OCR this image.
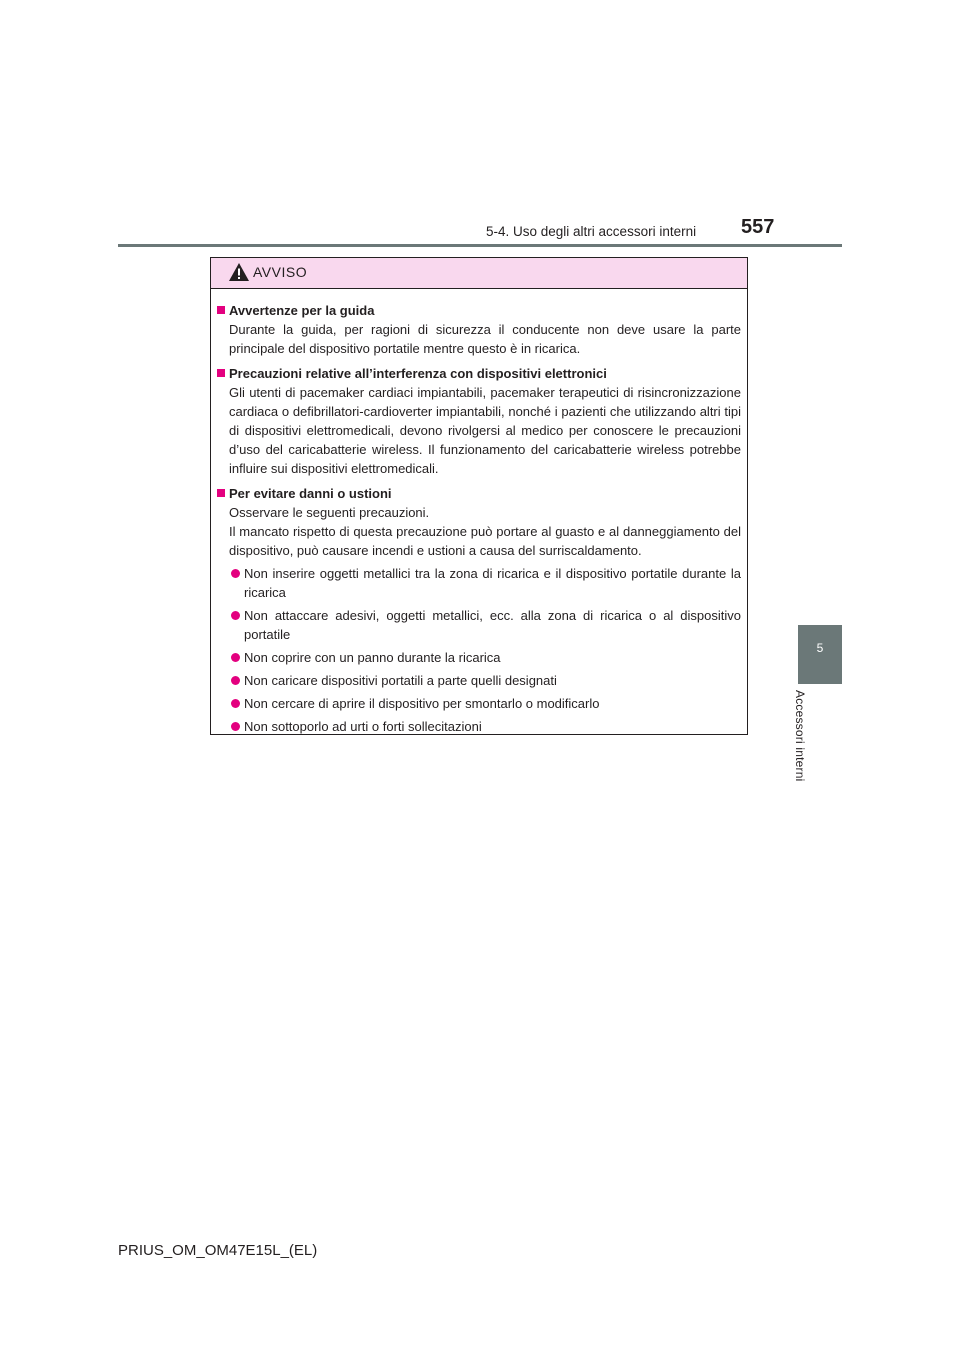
5-4. Uso degli altri accessori interni 557
5
Accessori interni
AVVISO
Avvertenze per la guida
Durante la guida, per ragioni di sicurezza il conducente non deve usare la parte principale del dispositivo portatile mentre questo è in ricarica.
Precauzioni relative all’interferenza con dispositivi elettronici
Gli utenti di pacemaker cardiaci impiantabili, pacemaker terapeutici di risincronizzazione cardiaca o defibrillatori-cardioverter impiantabili, nonché i pazienti che utilizzando altri tipi di dispositivi elettromedicali, devono rivolgersi al medico per conoscere le precauzioni d’uso del caricabatterie wireless. Il funzionamento del caricabatterie wireless potrebbe influire sui dispositivi elettromedicali.
Per evitare danni o ustioni
Osservare le seguenti precauzioni.
Il mancato rispetto di questa precauzione può portare al guasto e al danneggiamento del dispositivo, può causare incendi e ustioni a causa del surriscaldamento.
Non inserire oggetti metallici tra la zona di ricarica e il dispositivo portatile durante la ricarica
Non attaccare adesivi, oggetti metallici, ecc. alla zona di ricarica o al dispositivo portatile
Non coprire con un panno durante la ricarica
Non caricare dispositivi portatili a parte quelli designati
Non cercare di aprire il dispositivo per smontarlo o modificarlo
Non sottoporlo ad urti o forti sollecitazioni
PRIUS_OM_OM47E15L_(EL)
